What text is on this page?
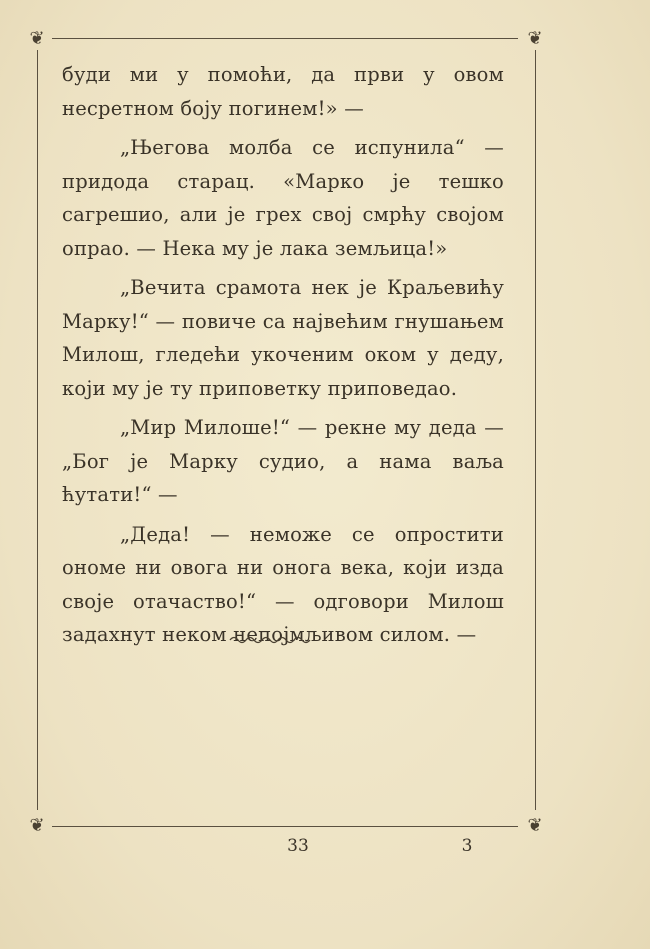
❦	❦
❦	❦

буди ми у помоћи, да први у овом несретном боју погинем!» —

„Његова молба се испунила“ — придода старац. «Марко је тешко сагрешио, али је грех свој смрћу својом опрао. — Нека му је лака земљица!»

„Вечита срамота нек је Краљевићу Марку!“ — повиче са највећим гнушањем Милош, гледећи укоченим оком у деду, који му је ту приповетку приповедао.

„Мир Милоше!“ — рекне му деда — „Бог је Марку судио, а нама ваља ћутати!“ —

„Деда! — неможе се опростити ономе ни овога ни онога века, који изда своје отачаство!“ — одговори Милош задахнут неком непојмљивом силом. —

33	3
